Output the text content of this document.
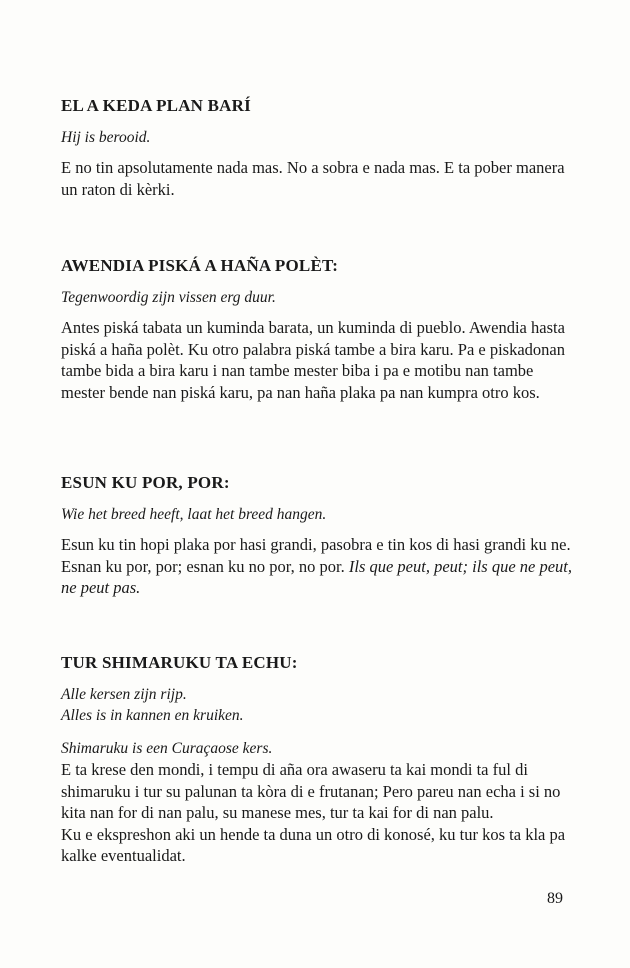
EL A KEDA PLAN BARÍ

Hij is berooid.

E no tin apsolutamente nada mas. No a sobra e nada mas. E ta pober manera un raton di kèrki.

AWENDIA PISKÁ A HAÑA POLÈT:

Tegenwoordig zijn vissen erg duur.

Antes piská tabata un kuminda barata, un kuminda di pueblo. Awendia hasta piská a haña polèt. Ku otro palabra piská tambe a bira karu. Pa e piskadonan tambe bida a bira karu i nan tambe mester biba i pa e motibu nan tambe mester bende nan piská karu, pa nan haña plaka pa nan kumpra otro kos.

ESUN KU POR, POR:

Wie het breed heeft, laat het breed hangen.

Esun ku tin hopi plaka por hasi grandi, pasobra e tin kos di hasi grandi ku ne. Esnan ku por, por; esnan ku no por, no por. Ils que peut, peut; ils que ne peut, ne peut pas.

TUR SHIMARUKU TA ECHU:

Alle kersen zijn rijp.

Alles is in kannen en kruiken.

Shimaruku is een Curaçaose kers.

E ta krese den mondi, i tempu di aña ora awaseru ta kai mondi ta ful di shimaruku i tur su palunan ta kòra di e frutanan; Pero pareu nan echa i si no kita nan for di nan palu, su manese mes, tur ta kai for di nan palu.

Ku e ekspreshon aki un hende ta duna un otro di konosé, ku tur kos ta kla pa kalke eventualidat.

89
